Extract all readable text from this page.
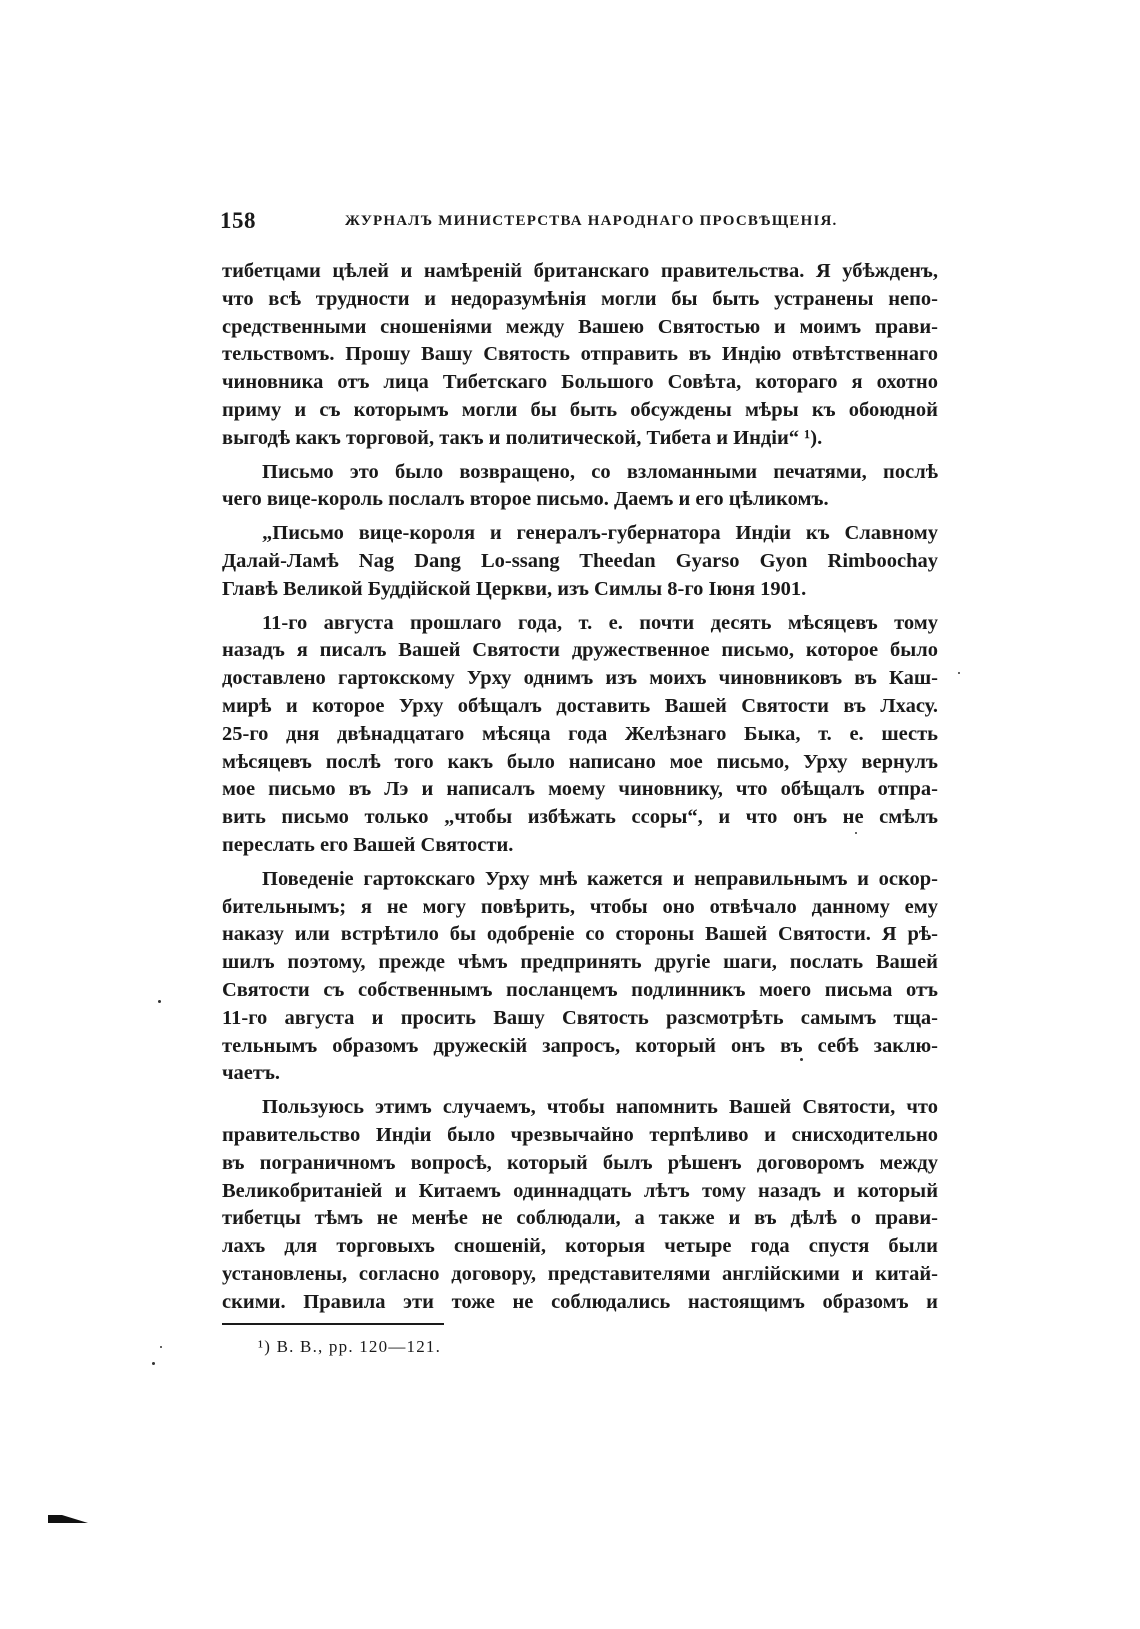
158	ЖУРНАЛЪ МИНИСТЕРСТВА НАРОДНАГО ПРОСВѢЩЕНІЯ.
тибетцами цѣлей и намѣреній британскаго правительства. Я убѣжденъ,
что всѣ трудности и недоразумѣнія могли бы быть устранены непо-
средственными сношеніями между Вашею Святостью и моимъ прави-
тельствомъ. Прошу Вашу Святость отправить въ Индію отвѣтственнаго
чиновника отъ лица Тибетскаго Большого Совѣта, котораго я охотно
приму и съ которымъ могли бы быть обсуждены мѣры къ обоюдной
выгодѣ какъ торговой, такъ и политической, Тибета и Индіи“ ¹).
Письмо это было возвращено, со взломанными печатями, послѣ
чего вице-король послалъ второе письмо. Даемъ и его цѣликомъ.
„Письмо вице-короля и генералъ-губернатора Индіи къ Славному
Далай-Ламѣ Nag Dang Lo-ssang Theedan Gyarso Gyon Rimboochay
Главѣ Великой Буддійской Церкви, изъ Симлы 8-го Іюня 1901.
11-го августа прошлаго года, т. е. почти десять мѣсяцевъ тому
назадъ я писалъ Вашей Святости дружественное письмо, которое было
доставлено гартокскому Урху однимъ изъ моихъ чиновниковъ въ Каш-
мирѣ и которое Урху обѣщалъ доставить Вашей Святости въ Лхасу.
25-го дня двѣнадцатаго мѣсяца года Желѣзнаго Быка, т. е. шесть
мѣсяцевъ послѣ того какъ было написано мое письмо, Урху вернулъ
мое письмо въ Лэ и написалъ моему чиновнику, что обѣщалъ отпра-
вить письмо только „чтобы избѣжать ссоры“, и что онъ не смѣлъ
переслать его Вашей Святости.
Поведеніе гартокскаго Урху мнѣ кажется и неправильнымъ и оскор-
бительнымъ; я не могу повѣрить, чтобы оно отвѣчало данному ему
наказу или встрѣтило бы одобреніе со стороны Вашей Святости. Я рѣ-
шилъ поэтому, прежде чѣмъ предпринять другіе шаги, послать Вашей
Святости съ собственнымъ посланцемъ подлинникъ моего письма отъ
11-го августа и просить Вашу Святость разсмотрѣть самымъ тща-
тельнымъ образомъ дружескій запросъ, который онъ въ себѣ заклю-
чаетъ.
Пользуюсь этимъ случаемъ, чтобы напомнить Вашей Святости, что
правительство Индіи было чрезвычайно терпѣливо и снисходительно
въ пограничномъ вопросѣ, который былъ рѣшенъ договоромъ между
Великобританіей и Китаемъ одиннадцать лѣтъ тому назадъ и который
тибетцы тѣмъ не менѣе не соблюдали, а также и въ дѣлѣ о прави-
лахъ для торговыхъ сношеній, которыя четыре года спустя были
установлены, согласно договору, представителями англійскими и китай-
скими. Правила эти тоже не соблюдались настоящимъ образомъ и
¹) B. B., pp. 120—121.
